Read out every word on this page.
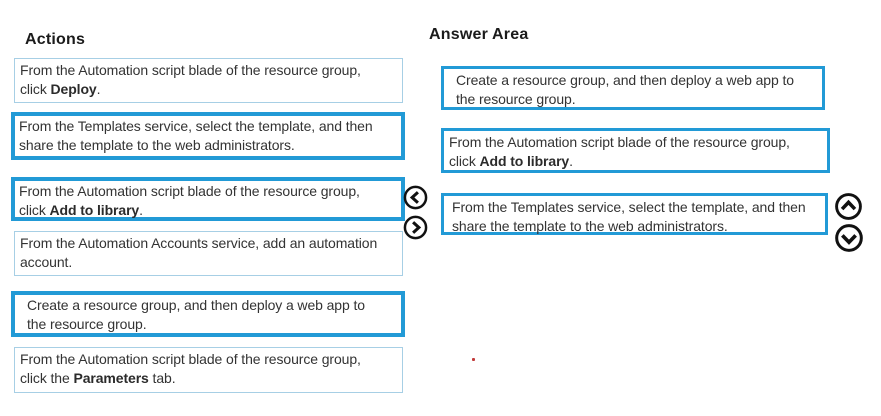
Actions	Answer Area
From the Automation script blade of the resource group,
click Deploy.
From the Templates service, select the template, and then
share the template to the web administrators.
From the Automation script blade of the resource group,
click Add to library.
From the Automation Accounts service, add an automation
account.
Create a resource group, and then deploy a web app to
the resource group.
From the Automation script blade of the resource group,
click the Parameters tab.
Create a resource group, and then deploy a web app to
the resource group.
From the Automation script blade of the resource group,
click Add to library.
From the Templates service, select the template, and then
share the template to the web administrators.
